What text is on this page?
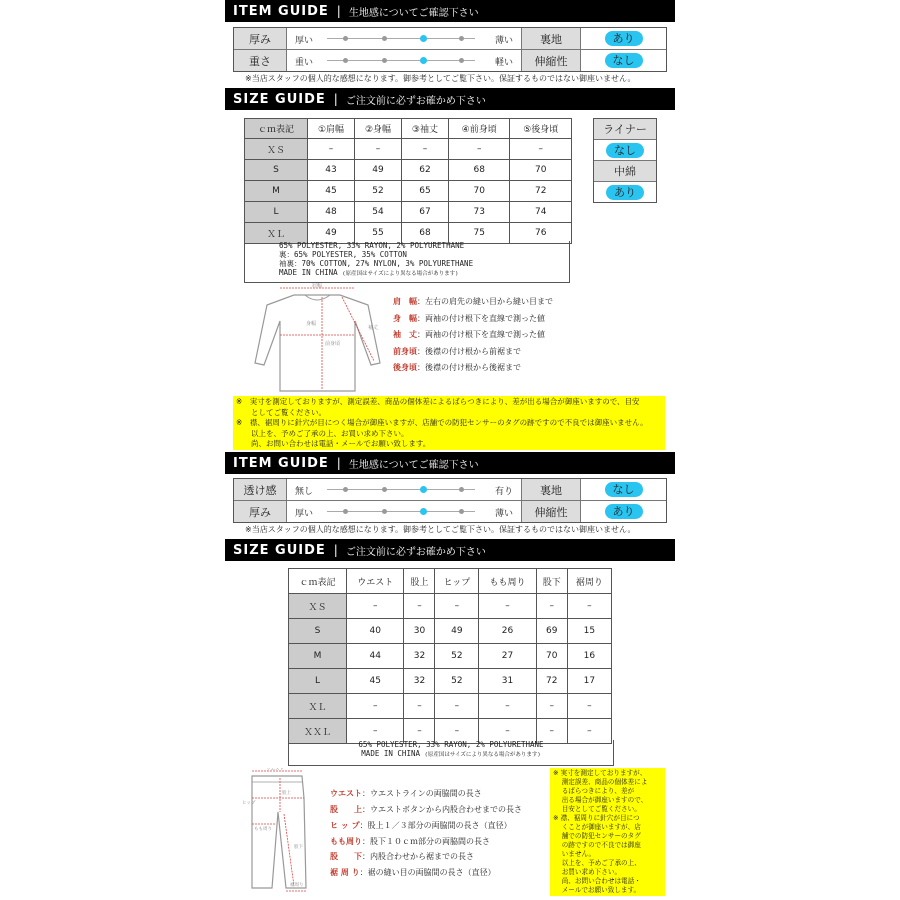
ITEM GUIDE | 生地感についてご確認下さい
厚み	厚い	薄い	裏地	あり
重さ	重い	軽い	伸縮性	なし
※当店スタッフの個人的な感想になります。御参考としてご覧下さい。保証するものではない御座いません。
SIZE GUIDE | ご注文前に必ずお確かめ下さい
ｃｍ表記	①肩幅	②身幅	③袖丈	④前身頃	⑤後身頃
ＸＳ	–	–	–	–	–
S	43	49	62	68	70
M	45	52	65	70	72
L	48	54	67	73	74
ＸＬ	49	55	68	75	76
65% POLYESTER, 33% RAYON, 2% POLYURETHANE
裏：65% POLYESTER, 35% COTTON
袖裏：70% COTTON, 27% NYLON, 3% POLYURETHANE
MADE IN CHINA (原産国はサイズにより異なる場合があります)
ライナー
なし
中綿
あり
肩幅
身幅
前身頃
袖丈
肩　幅：左右の肩先の縫い目から縫い目まで
身　幅：両袖の付け根下を直線で測った値
袖　丈：両袖の付け根下を直線で測った値
前身頃：後襟の付け根から前裾まで
後身頃：後襟の付け根から後裾まで
※　実寸を測定しておりますが、測定誤差、商品の個体差によるばらつきにより、差が出る場合が御座いますので、目安
　　としてご覧ください。
※　襟、裾周りに針穴が目につく場合が御座いますが、店舗での防犯センサーのタグの跡ですので不良では御座いません。
　　以上を、予めご了承の上、お買い求め下さい。
　　尚、お問い合わせは電話・メールでお願い致します。
ITEM GUIDE | 生地感についてご確認下さい
透け感	無し	有り	裏地	なし
厚み	厚い	薄い	伸縮性	あり
※当店スタッフの個人的な感想になります。御参考としてご覧下さい。保証するものではない御座いません。
SIZE GUIDE | ご注文前に必ずお確かめ下さい
ｃｍ表記	ウエスト	股上	ヒップ	もも周り	股下	裾周り
ＸＳ	–	–	–	–	–	–
S	40	30	49	26	69	15
M	44	32	52	27	70	16
L	45	32	52	31	72	17
ＸＬ	–	–	–	–	–	–
ＸＸＬ	–	–	–	–	–	–
65% POLYESTER, 33% RAYON, 2% POLYURETHANE
MADE IN CHINA (原産国はサイズにより異なる場合があります)
ウエスト
股上
ヒップ
もも周り
股下
裾周り
ウエスト：ウエストラインの両脇間の長さ
股　　上：ウエストボタンから内股合わせまでの長さ
ヒ ッ プ：股上１／３部分の両脇間の長さ（直径）
もも周り：股下１０ｃｍ部分の両脇間の長さ
股　　下：内股合わせから裾までの長さ
裾 周 り：裾の縫い目の両脇間の長さ（直径）
※ 実寸を測定しておりますが、
　 測定誤差、商品の個体差によ
　 るばらつきにより、差が
　 出る場合が御座いますので、
　 目安としてご覧ください。
※ 襟、裾周りに針穴が目につ
　 くことが御座いますが、店
　 舗での防犯センサーのタグ
　 の跡ですので不良では御座
　 いません。
　 以上を、予めご了承の上、
　 お買い求め下さい。
　 尚、お問い合わせは電話・
　 メールでお願い致します。
